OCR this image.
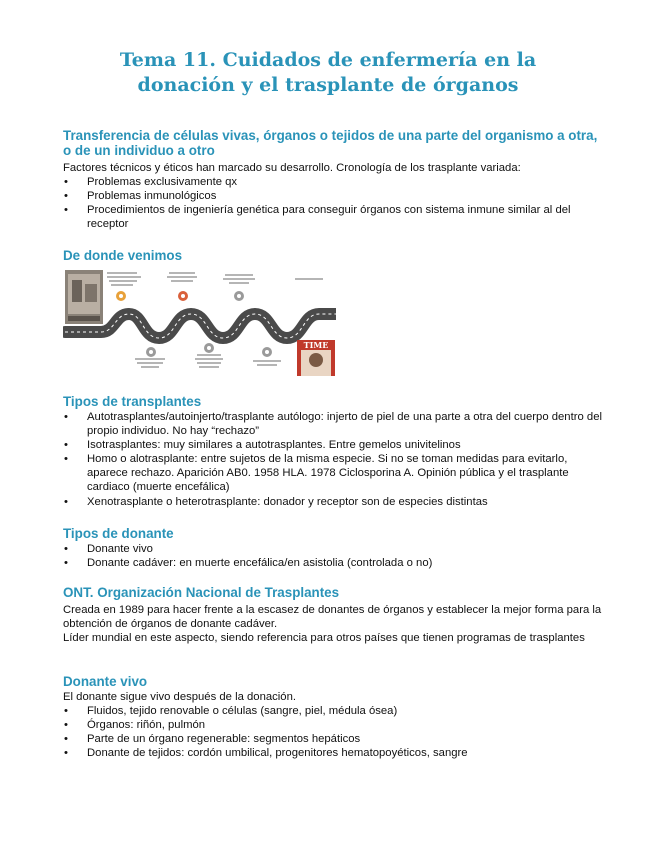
Tema 11. Cuidados de enfermería en la
donación y el trasplante de órganos
Transferencia de células vivas, órganos o tejidos de una parte del organismo a otra, o de un individuo a otro

Factores técnicos y éticos han marcado su desarrollo. Cronología de los trasplante variada:

• Problemas exclusivamente qx
• Problemas inmunológicos
• Procedimientos de ingeniería genética para conseguir órganos con sistema inmune similar al del receptor
De donde venimos
TIME
Tipos de transplantes
• Autotrasplantes/autoinjerto/trasplante autólogo: injerto de piel de una parte a otra del cuerpo dentro del propio individuo. No hay “rechazo”
• Isotrasplantes: muy similares a autotrasplantes. Entre gemelos univitelinos
• Homo o alotrasplante: entre sujetos de la misma especie. Si no se toman medidas para evitarlo, aparece rechazo. Aparición AB0. 1958 HLA. 1978 Ciclosporina A. Opinión pública y el trasplante cardiaco (muerte encefálica)
• Xenotrasplante o heterotrasplante: donador y receptor son de especies distintas
Tipos de donante
• Donante vivo
• Donante cadáver: en muerte encefálica/en asistolia (controlada o no)
ONT. Organización Nacional de Trasplantes

Creada en 1989 para hacer frente a la escasez de donantes de órganos y establecer la mejor forma para la obtención de órganos de donante cadáver.

Líder mundial en este aspecto, siendo referencia para otros países que tienen programas de trasplantes

Donante vivo

El donante sigue vivo después de la donación.

• Fluidos, tejido renovable o células (sangre, piel, médula ósea)
• Órganos: riñón, pulmón
• Parte de un órgano regenerable: segmentos hepáticos
• Donante de tejidos: cordón umbilical, progenitores hematopoyéticos, sangre
